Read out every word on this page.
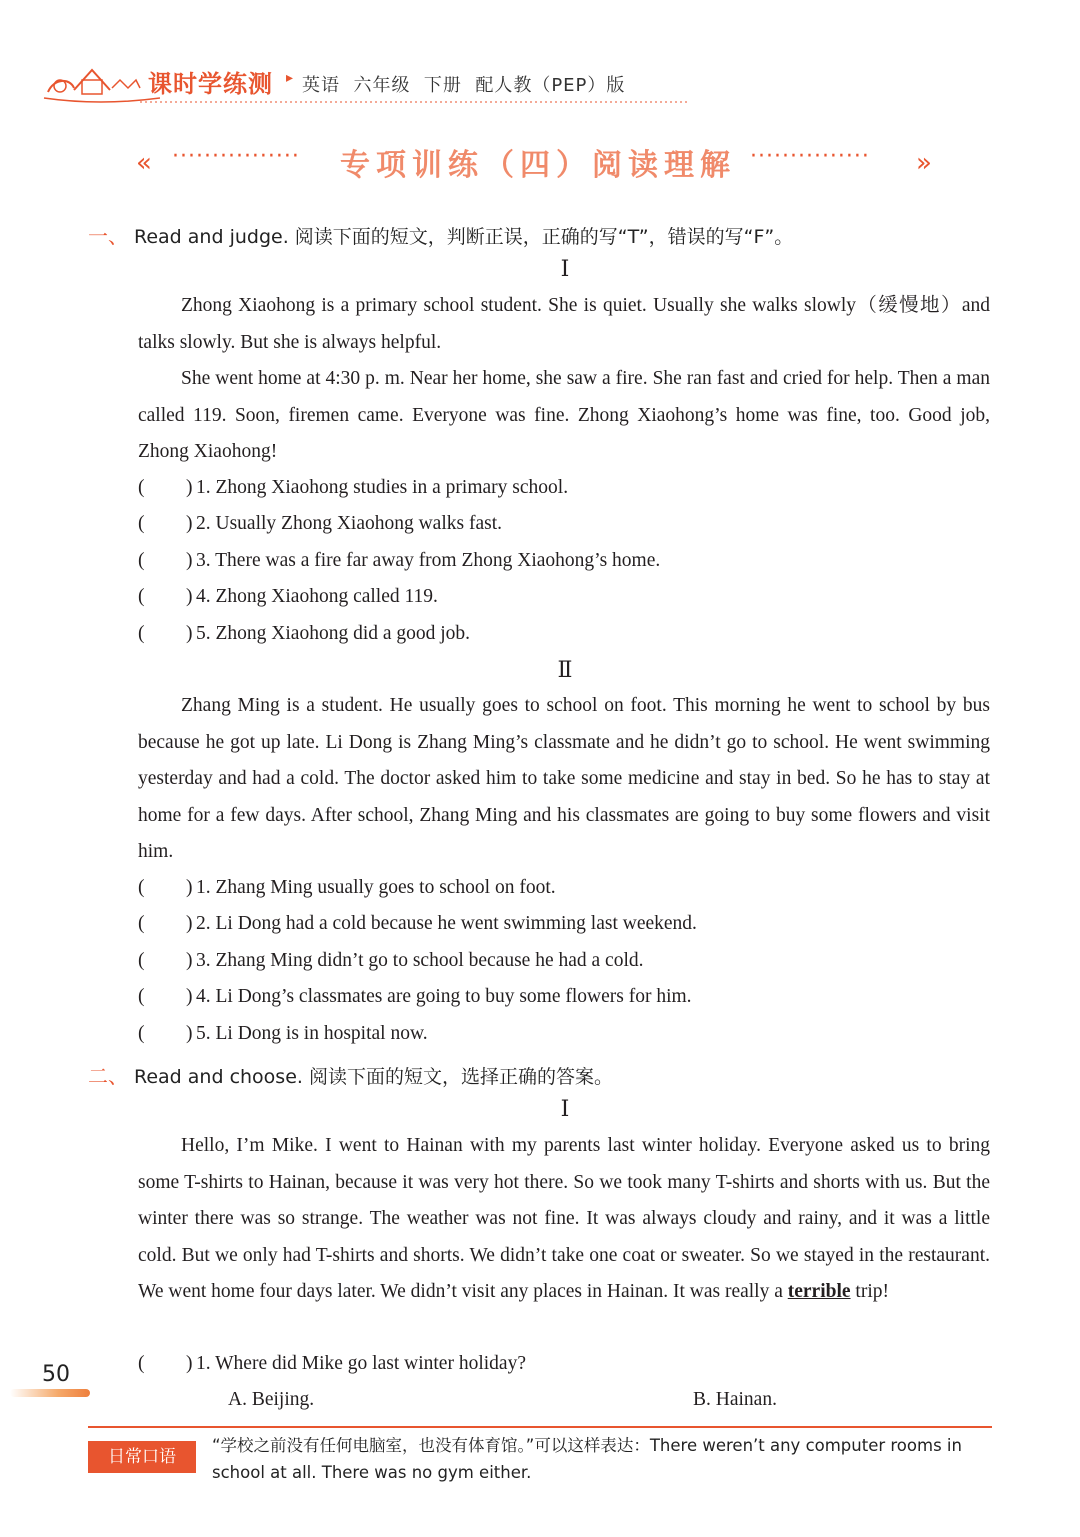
课时学练测 ▸ 英语  六年级  下册  配人教（PEP）版
« ················ 专项训练（四）阅读理解 ··············· »
一、 Read and judge. 阅读下面的短文，判断正误，正确的写“T”，错误的写“F”。
Ⅰ

Zhong Xiaohong is a primary school student. She is quiet. Usually she walks slowly（缓慢地）and talks slowly. But she is always helpful.

She went home at 4:30 p. m. Near her home, she saw a fire. She ran fast and cried for help. Then a man called 119. Soon, firemen came. Everyone was fine. Zhong Xiaohong’s home was fine, too. Good job, Zhong Xiaohong!

( ) 1. Zhong Xiaohong studies in a primary school.
( ) 2. Usually Zhong Xiaohong walks fast.
( ) 3. There was a fire far away from Zhong Xiaohong’s home.
( ) 4. Zhong Xiaohong called 119.
( ) 5. Zhong Xiaohong did a good job.
Ⅱ

Zhang Ming is a student. He usually goes to school on foot. This morning he went to school by bus because he got up late. Li Dong is Zhang Ming’s classmate and he didn’t go to school. He went swimming yesterday and had a cold. The doctor asked him to take some medicine and stay in bed. So he has to stay at home for a few days. After school, Zhang Ming and his classmates are going to buy some flowers and visit him.

( ) 1. Zhang Ming usually goes to school on foot.
( ) 2. Li Dong had a cold because he went swimming last weekend.
( ) 3. Zhang Ming didn’t go to school because he had a cold.
( ) 4. Li Dong’s classmates are going to buy some flowers for him.
( ) 5. Li Dong is in hospital now.
二、 Read and choose. 阅读下面的短文，选择正确的答案。
Ⅰ

Hello, I’m Mike. I went to Hainan with my parents last winter holiday. Everyone asked us to bring some T-shirts to Hainan, because it was very hot there. So we took many T-shirts and shorts with us. But the winter there was so strange. The weather was not fine. It was always cloudy and rainy, and it was a little cold. But we only had T-shirts and shorts. We didn’t take one coat or sweater. So we stayed in the restaurant. We went home four days later. We didn’t visit any places in Hainan. It was really a terrible trip!

( ) 1. Where did Mike go last winter holiday?
A. Beijing.	B. Hainan.
50
日常口语
“学校之前没有任何电脑室，也没有体育馆。”可以这样表达：There weren’t any computer rooms in school at all. There was no gym either.
